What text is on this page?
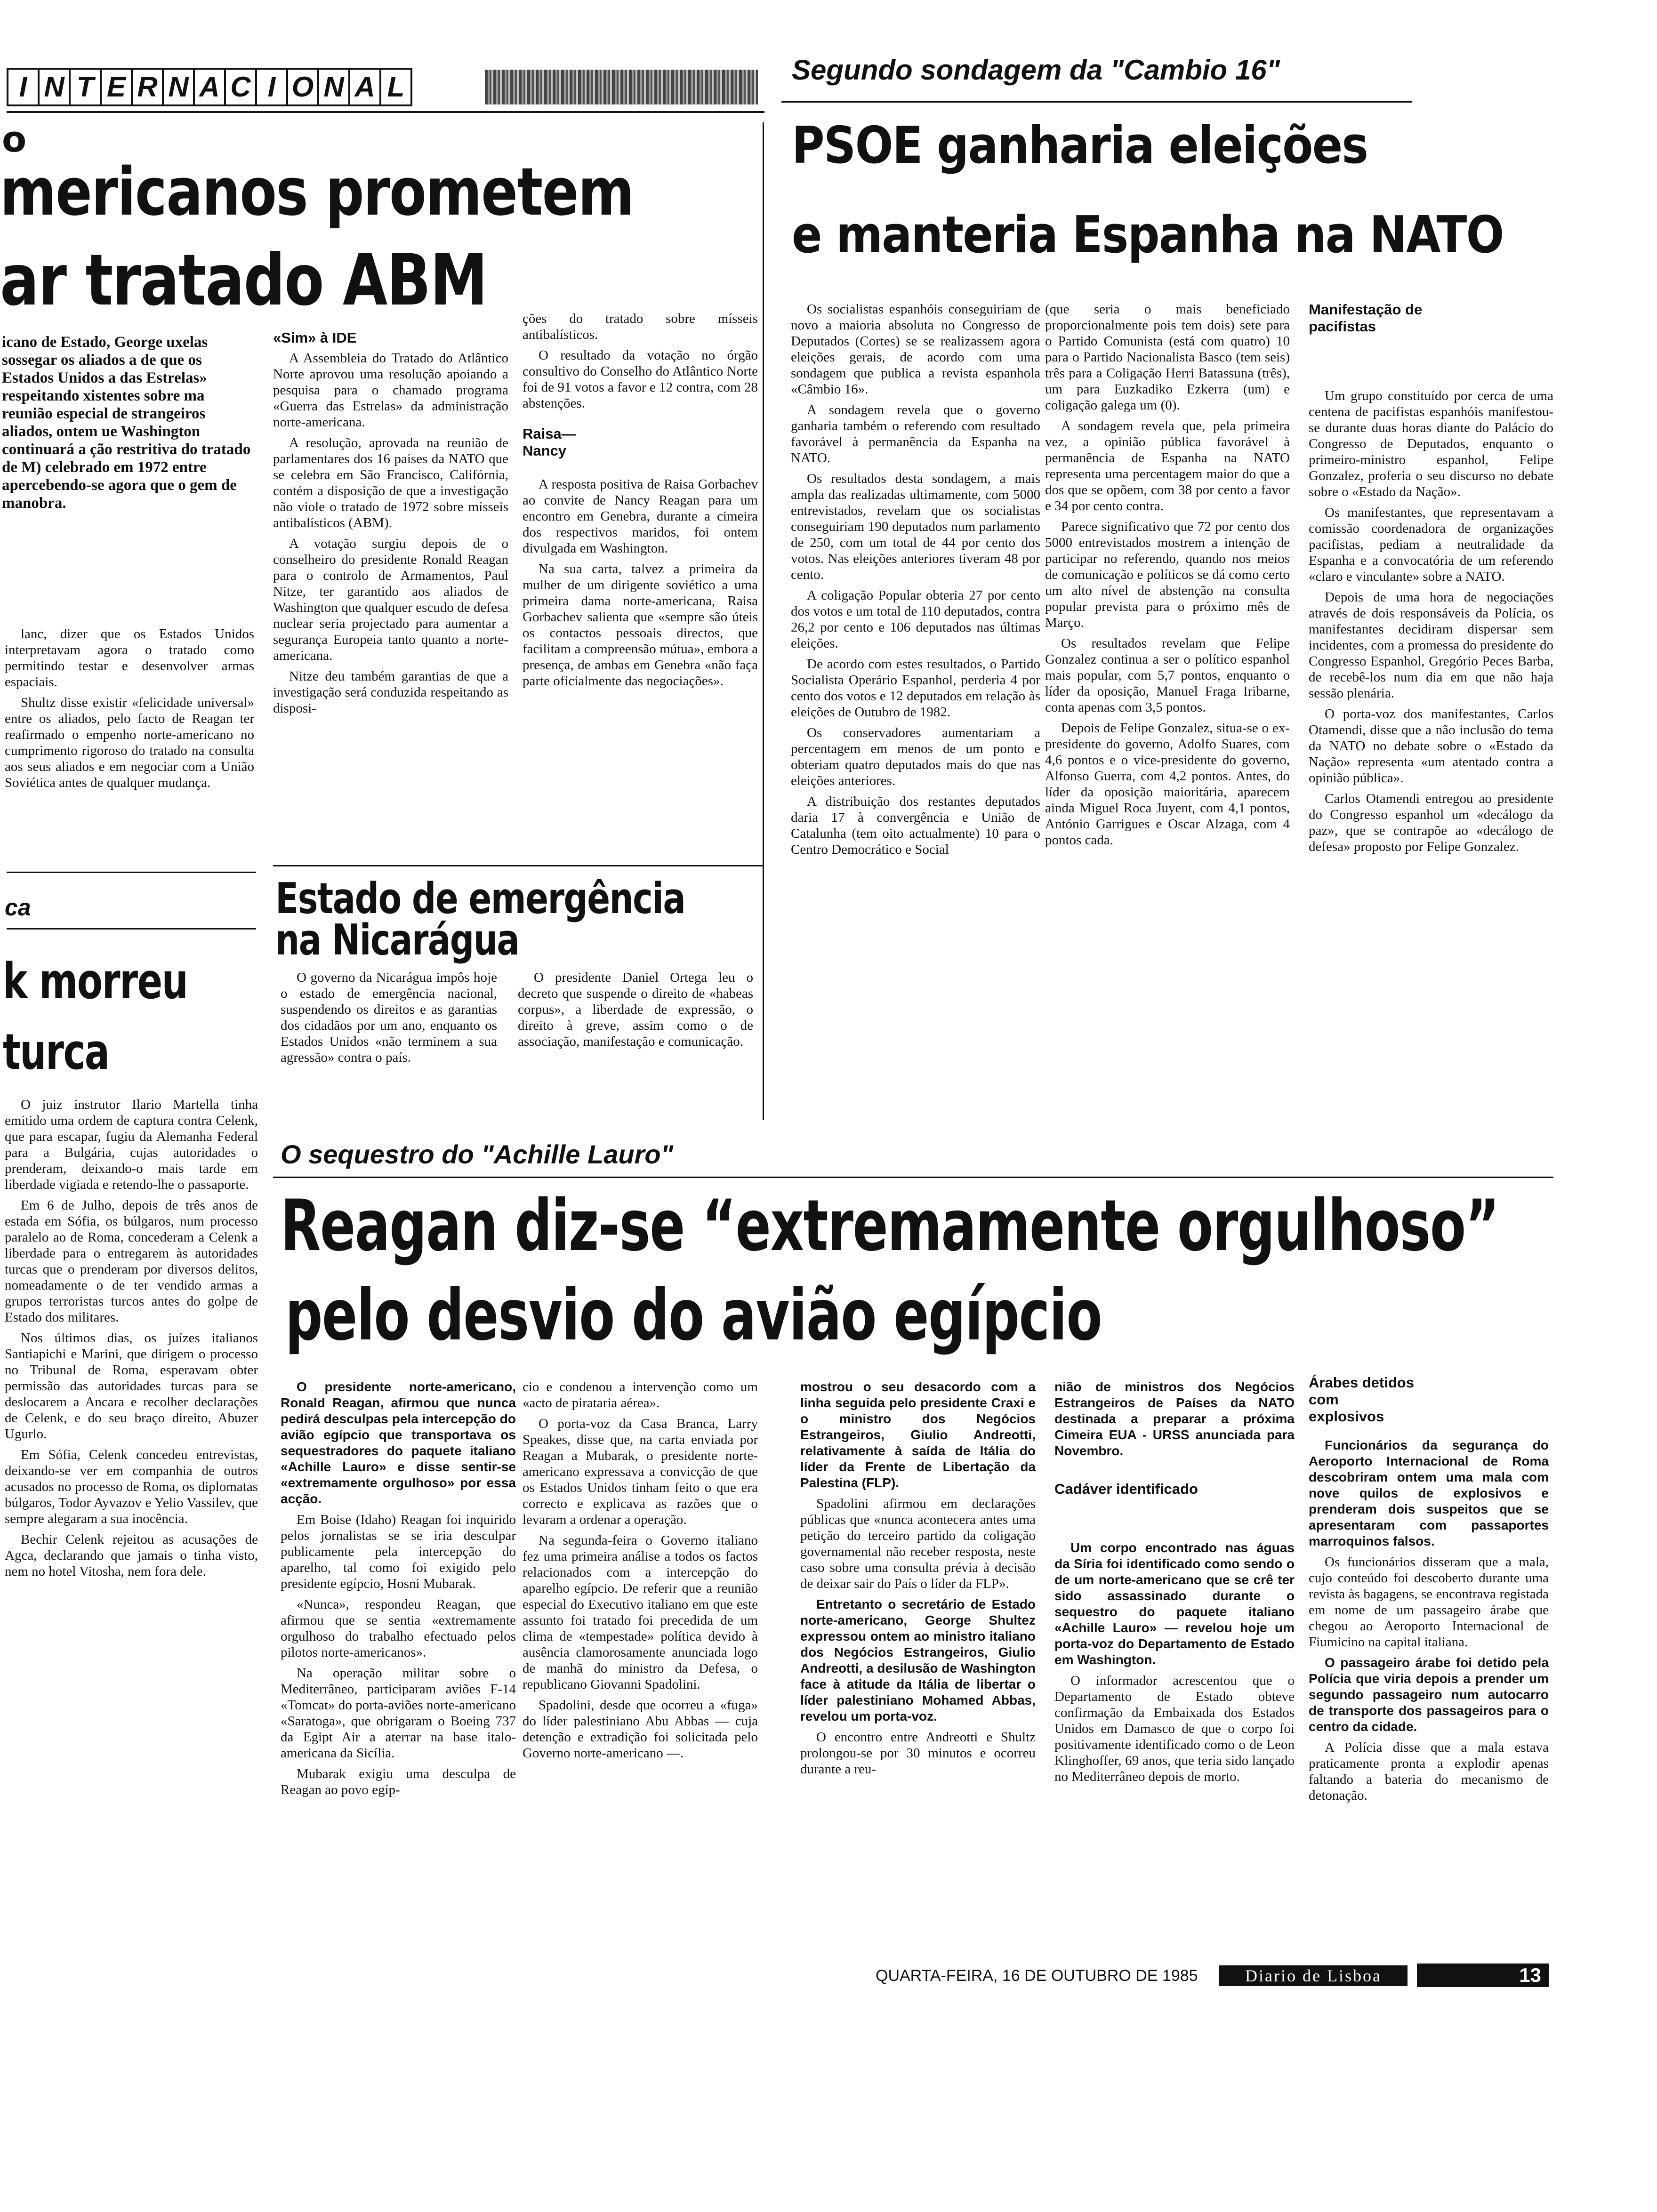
I N T E R N A C I O N A L
o
mericanos prometem
ar tratado ABM
icano de Estado, George uxelas sossegar os aliados a de que os Estados Unidos a das Estrelas» respeitando xistentes sobre ma reunião especial de strangeiros aliados, ontem ue Washington continuará a ção restritiva do tratado de M) celebrado em 1972 entre apercebendo-se agora que o gem de manobra.

lanc, dizer que os Estados Unidos interpretavam agora o tratado como permitindo testar e desenvolver armas espaciais.

Shultz disse existir «felicidade universal» entre os aliados, pelo facto de Reagan ter reafirmado o empenho norte-americano no cumprimento rigoroso do tratado na consulta aos seus aliados e em negociar com a União Soviética antes de qualquer mudança.

«Sim» à IDE

A Assembleia do Tratado do Atlântico Norte aprovou uma resolução apoiando a pesquisa para o chamado programa «Guerra das Estrelas» da administração norte-americana.

A resolução, aprovada na reunião de parlamentares dos 16 países da NATO que se celebra em São Francisco, Califórnia, contém a disposição de que a investigação não viole o tratado de 1972 sobre mísseis antibalísticos (ABM).

A votação surgiu depois de o conselheiro do presidente Ronald Reagan para o controlo de Armamentos, Paul Nitze, ter garantido aos aliados de Washington que qualquer escudo de defesa nuclear seria projectado para aumentar a segurança Europeia tanto quanto a norte-americana.

Nitze deu também garantias de que a investigação será conduzida respeitando as disposi-

ções do tratado sobre mísseis antibalísticos.

O resultado da votação no órgão consultivo do Conselho do Atlântico Norte foi de 91 votos a favor e 12 contra, com 28 abstenções.

Raisa— Nancy

A resposta positiva de Raisa Gorbachev ao convite de Nancy Reagan para um encontro em Genebra, durante a cimeira dos respectivos maridos, foi ontem divulgada em Washington.

Na sua carta, talvez a primeira da mulher de um dirigente soviético a uma primeira dama norte-americana, Raisa Gorbachev salienta que «sempre são úteis os contactos pessoais directos, que facilitam a compreensão mútua», embora a presença, de ambas em Genebra «não faça parte oficialmente das negociações».

Segundo sondagem da "Cambio 16"
PSOE ganharia eleições
e manteria Espanha na NATO

Os socialistas espanhóis conseguiriam de novo a maioria absoluta no Congresso de Deputados (Cortes) se se realizassem agora eleições gerais, de acordo com uma sondagem que publica a revista espanhola «Câmbio 16».

A sondagem revela que o governo ganharia também o referendo com resultado favorável à permanência da Espanha na NATO.

Os resultados desta sondagem, a mais ampla das realizadas ultimamente, com 5000 entrevistados, revelam que os socialistas conseguiriam 190 deputados num parlamento de 250, com um total de 44 por cento dos votos. Nas eleições anteriores tiveram 48 por cento.

A coligação Popular obteria 27 por cento dos votos e um total de 110 deputados, contra 26,2 por cento e 106 deputados nas últimas eleições.

De acordo com estes resultados, o Partido Socialista Operário Espanhol, perderia 4 por cento dos votos e 12 deputados em relação às eleições de Outubro de 1982.

Os conservadores aumentariam a percentagem em menos de um ponto e obteriam quatro deputados mais do que nas eleições anteriores.

A distribuição dos restantes deputados daria 17 à convergência e União de Catalunha (tem oito actualmente) 10 para o Centro Democrático e Social

(que seria o mais beneficiado proporcionalmente pois tem dois) sete para o Partido Comunista (está com quatro) 10 para o Partido Nacionalista Basco (tem seis) três para a Coligação Herri Batassuna (três), um para Euzkadiko Ezkerra (um) e coligação galega um (0).

A sondagem revela que, pela primeira vez, a opinião pública favorável à permanência de Espanha na NATO representa uma percentagem maior do que a dos que se opõem, com 38 por cento a favor e 34 por cento contra.

Parece significativo que 72 por cento dos 5000 entrevistados mostrem a intenção de participar no referendo, quando nos meios de comunicação e políticos se dá como certo um alto nível de abstenção na consulta popular prevista para o próximo mês de Março.

Os resultados revelam que Felipe Gonzalez continua a ser o político espanhol mais popular, com 5,7 pontos, enquanto o líder da oposição, Manuel Fraga Iribarne, conta apenas com 3,5 pontos.

Depois de Felipe Gonzalez, situa-se o ex-presidente do governo, Adolfo Suares, com 4,6 pontos e o vice-presidente do governo, Alfonso Guerra, com 4,2 pontos. Antes, do líder da oposição maioritária, aparecem ainda Miguel Roca Juyent, com 4,1 pontos, António Garrigues e Oscar Alzaga, com 4 pontos cada.

Manifestação de pacifistas

Um grupo constituído por cerca de uma centena de pacifistas espanhóis manifestou-se durante duas horas diante do Palácio do Congresso de Deputados, enquanto o primeiro-ministro espanhol, Felipe Gonzalez, proferia o seu discurso no debate sobre o «Estado da Nação».

Os manifestantes, que representavam a comissão coordenadora de organizações pacifistas, pediam a neutralidade da Espanha e a convocatória de um referendo «claro e vinculante» sobre a NATO.

Depois de uma hora de negociações através de dois responsáveis da Polícia, os manifestantes decidiram dispersar sem incidentes, com a promessa do presidente do Congresso Espanhol, Gregório Peces Barba, de recebê-los num dia em que não haja sessão plenária.

O porta-voz dos manifestantes, Carlos Otamendi, disse que a não inclusão do tema da NATO no debate sobre o «Estado da Nação» representa «um atentado contra a opinião pública».

Carlos Otamendi entregou ao presidente do Congresso espanhol um «decálogo da paz», que se contrapõe ao «decálogo de defesa» proposto por Felipe Gonzalez.

Estado de emergência
na Nicarágua

O governo da Nicarágua impôs hoje o estado de emergência nacional, suspendendo os direitos e as garantias dos cidadãos por um ano, enquanto os Estados Unidos «não terminem a sua agressão» contra o país.

O presidente Daniel Ortega leu o decreto que suspende o direito de «habeas corpus», a liberdade de expressão, o direito à greve, assim como o de associação, manifestação e comunicação.

ca
k morreu
turca

O juiz instrutor Ilario Martella tinha emitido uma ordem de captura contra Celenk, que para escapar, fugiu da Alemanha Federal para a Bulgária, cujas autoridades o prenderam, deixando-o mais tarde em liberdade vigiada e retendo-lhe o passaporte.

Em 6 de Julho, depois de três anos de estada em Sófia, os búlgaros, num processo paralelo ao de Roma, concederam a Celenk a liberdade para o entregarem às autoridades turcas que o prenderam por diversos delitos, nomeadamente o de ter vendido armas a grupos terroristas turcos antes do golpe de Estado dos militares.

Nos últimos dias, os juízes italianos Santiapichi e Marini, que dirigem o processo no Tribunal de Roma, esperavam obter permissão das autoridades turcas para se deslocarem a Ancara e recolher declarações de Celenk, e do seu braço direito, Abuzer Ugurlo.

Em Sófia, Celenk concedeu entrevistas, deixando-se ver em companhia de outros acusados no processo de Roma, os diplomatas búlgaros, Todor Ayvazov e Yelio Vassilev, que sempre alegaram a sua inocência.

Bechir Celenk rejeitou as acusações de Agca, declarando que jamais o tinha visto, nem no hotel Vitosha, nem fora dele.

O sequestro do "Achille Lauro"
Reagan diz-se “extremamente orgulhoso”
pelo desvio do avião egípcio

O presidente norte-americano, Ronald Reagan, afirmou que nunca pedirá desculpas pela intercepção do avião egípcio que transportava os sequestradores do paquete italiano «Achille Lauro» e disse sentir-se «extremamente orgulhoso» por essa acção.

Em Boise (Idaho) Reagan foi inquirido pelos jornalistas se se iria desculpar publicamente pela intercepção do aparelho, tal como foi exigido pelo presidente egípcio, Hosni Mubarak.

«Nunca», respondeu Reagan, que afirmou que se sentia «extremamente orgulhoso do trabalho efectuado pelos pilotos norte-americanos».

Na operação militar sobre o Mediterrâneo, participaram aviões F-14 «Tomcat» do porta-aviões norte-americano «Saratoga», que obrigaram o Boeing 737 da Egipt Air a aterrar na base italo-americana da Sicília.

Mubarak exigiu uma desculpa de Reagan ao povo egíp-

cio e condenou a intervenção como um «acto de pirataria aérea».

O porta-voz da Casa Branca, Larry Speakes, disse que, na carta enviada por Reagan a Mubarak, o presidente norte-americano expressava a convicção de que os Estados Unidos tinham feito o que era correcto e explicava as razões que o levaram a ordenar a operação.

Na segunda-feira o Governo italiano fez uma primeira análise a todos os factos relacionados com a intercepção do aparelho egípcio. De referir que a reunião especial do Executivo italiano em que este assunto foi tratado foi precedida de um clima de «tempestade» política devido à ausência clamorosamente anunciada logo de manhã do ministro da Defesa, o republicano Giovanni Spadolini.

Spadolini, desde que ocorreu a «fuga» do líder palestiniano Abu Abbas — cuja detenção e extradição foi solicitada pelo Governo norte-americano —.

mostrou o seu desacordo com a linha seguida pelo presidente Craxi e o ministro dos Negócios Estrangeiros, Giulio Andreotti, relativamente à saída de Itália do líder da Frente de Libertação da Palestina (FLP).

Spadolini afirmou em declarações públicas que «nunca acontecera antes uma petição do terceiro partido da coligação governamental não receber resposta, neste caso sobre uma consulta prévia à decisão de deixar sair do País o líder da FLP».

Entretanto o secretário de Estado norte-americano, George Shultez expressou ontem ao ministro italiano dos Negócios Estrangeiros, Giulio Andreotti, a desilusão de Washington face à atitude da Itália de libertar o líder palestiniano Mohamed Abbas, revelou um porta-voz.

O encontro entre Andreotti e Shultz prolongou-se por 30 minutos e ocorreu durante a reu-

nião de ministros dos Negócios Estrangeiros de Países da NATO destinada a preparar a próxima Cimeira EUA - URSS anunciada para Novembro.

Cadáver identificado

Um corpo encontrado nas águas da Síria foi identificado como sendo o de um norte-americano que se crê ter sido assassinado durante o sequestro do paquete italiano «Achille Lauro» — revelou hoje um porta-voz do Departamento de Estado em Washington.

O informador acrescentou que o Departamento de Estado obteve confirmação da Embaixada dos Estados Unidos em Damasco de que o corpo foi positivamente identificado como o de Leon Klinghoffer, 69 anos, que teria sido lançado no Mediterrâneo depois de morto.

Árabes detidos com explosivos

Funcionários da segurança do Aeroporto Internacional de Roma descobriram ontem uma mala com nove quilos de explosivos e prenderam dois suspeitos que se apresentaram com passaportes marroquinos falsos.

Os funcionários disseram que a mala, cujo conteúdo foi descoberto durante uma revista às bagagens, se encontrava registada em nome de um passageiro árabe que chegou ao Aeroporto Internacional de Fiumicino na capital italiana.

O passageiro árabe foi detido pela Polícia que viria depois a prender um segundo passageiro num autocarro de transporte dos passageiros para o centro da cidade.

A Polícia disse que a mala estava praticamente pronta a explodir apenas faltando a bateria do mecanismo de detonação.

QUARTA-FEIRA, 16 DE OUTUBRO DE 1985	Diario de Lisboa	13
